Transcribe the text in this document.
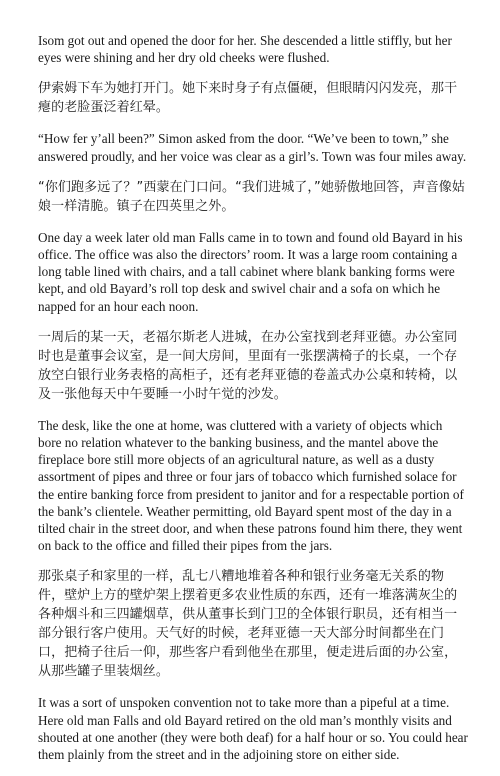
Isom got out and opened the door for her. She descended a little stiffly, but her eyes were shining and her dry old cheeks were flushed.

伊索姆下车为她打开门。她下来时身子有点僵硬，但眼睛闪闪发亮，那干瘪的老脸蛋泛着红晕。

“How fer y’all been?” Simon asked from the door. “We’ve been to town,” she answered proudly, and her voice was clear as a girl’s. Town was four miles away.

“你们跑多远了？”西蒙在门口问。“我们进城了，”她骄傲地回答，声音像姑娘一样清脆。镇子在四英里之外。

One day a week later old man Falls came in to town and found old Bayard in his office. The office was also the directors’ room. It was a large room containing a long table lined with chairs, and a tall cabinet where blank banking forms were kept, and old Bayard’s roll top desk and swivel chair and a sofa on which he napped for an hour each noon.

一周后的某一天，老福尔斯老人进城，在办公室找到老拜亚德。办公室同时也是董事会议室，是一间大房间，里面有一张摆满椅子的长桌，一个存放空白银行业务表格的高柜子，还有老拜亚德的卷盖式办公桌和转椅，以及一张他每天中午要睡一小时午觉的沙发。

The desk, like the one at home, was cluttered with a variety of objects which bore no relation whatever to the banking business, and the mantel above the fireplace bore still more objects of an agricultural nature, as well as a dusty assortment of pipes and three or four jars of tobacco which furnished solace for the entire banking force from president to janitor and for a respectable portion of the bank’s clientele. Weather permitting, old Bayard spent most of the day in a tilted chair in the street door, and when these patrons found him there, they went on back to the office and filled their pipes from the jars.

那张桌子和家里的一样，乱七八糟地堆着各种和银行业务毫无关系的物件，壁炉上方的壁炉架上摆着更多农业性质的东西，还有一堆落满灰尘的各种烟斗和三四罐烟草，供从董事长到门卫的全体银行职员，还有相当一部分银行客户使用。天气好的时候，老拜亚德一天大部分时间都坐在门口，把椅子往后一仰，那些客户看到他坐在那里，便走进后面的办公室，从那些罐子里装烟丝。

It was a sort of unspoken convention not to take more than a pipeful at a time. Here old man Falls and old Bayard retired on the old man’s monthly visits and shouted at one another (they were both deaf) for a half hour or so. You could hear them plainly from the street and in the adjoining store on either side.
